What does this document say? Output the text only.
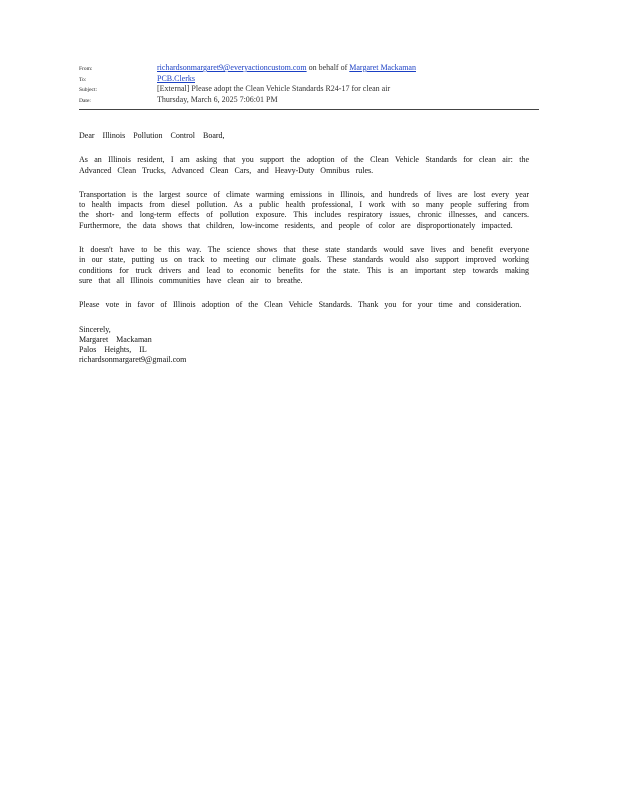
From:	richardsonmargaret9@everyactioncustom.com on behalf of Margaret Mackaman
To:	PCB.Clerks
Subject:	[External] Please adopt the Clean Vehicle Standards R24-17 for clean air
Date:	Thursday, March 6, 2025 7:06:01 PM

Dear Illinois Pollution Control Board,

As an Illinois resident, I am asking that you support the adoption of the Clean Vehicle Standards for clean air: the Advanced Clean Trucks, Advanced Clean Cars, and Heavy-Duty Omnibus rules.

Transportation is the largest source of climate warming emissions in Illinois, and hundreds of lives are lost every year to health impacts from diesel pollution. As a public health professional, I work with so many people suffering from the short- and long-term effects of pollution exposure. This includes respiratory issues, chronic illnesses, and cancers. Furthermore, the data shows that children, low-income residents, and people of color are disproportionately impacted.

It doesn't have to be this way. The science shows that these state standards would save lives and benefit everyone in our state, putting us on track to meeting our climate goals. These standards would also support improved working conditions for truck drivers and lead to economic benefits for the state. This is an important step towards making sure that all Illinois communities have clean air to breathe.

Please vote in favor of Illinois adoption of the Clean Vehicle Standards. Thank you for your time and consideration.

Sincerely,
Margaret Mackaman
Palos Heights, IL
richardsonmargaret9@gmail.com
